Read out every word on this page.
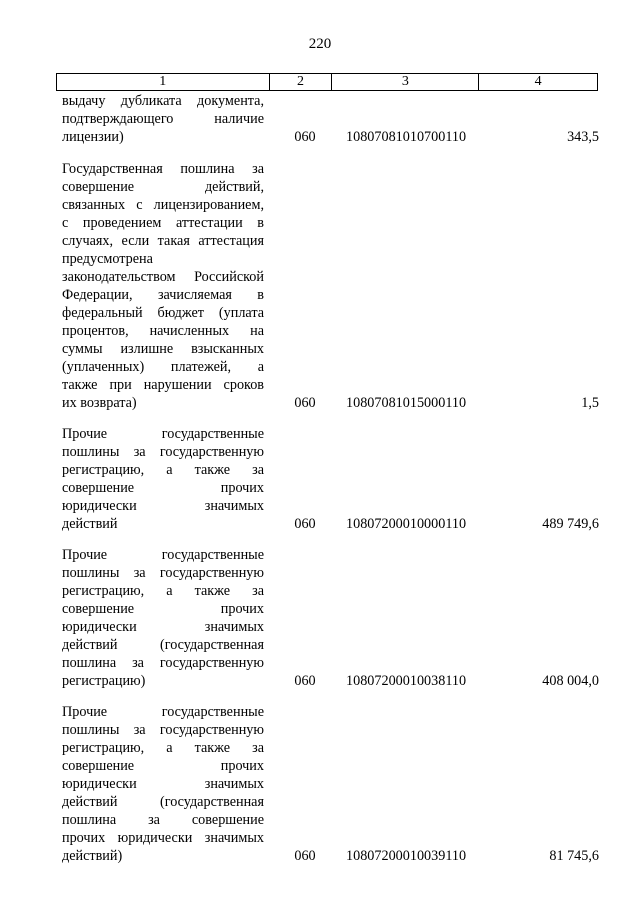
220
1	2	3	4
выдачу дубликата документа,
подтверждающего наличие
лицензии)	060	10807081010700110	343,5
Государственная пошлина за
совершение действий,
связанных с лицензированием,
с проведением аттестации в
случаях, если такая аттестация
предусмотрена
законодательством Российской
Федерации, зачисляемая в
федеральный бюджет (уплата
процентов, начисленных на
суммы излишне взысканных
(уплаченных) платежей, а
также при нарушении сроков
их возврата)	060	10807081015000110	1,5
Прочие государственные
пошлины за государственную
регистрацию, а также за
совершение прочих
юридически значимых
действий	060	10807200010000110	489 749,6
Прочие государственные
пошлины за государственную
регистрацию, а также за
совершение прочих
юридически значимых
действий (государственная
пошлина за государственную
регистрацию)	060	10807200010038110	408 004,0
Прочие государственные
пошлины за государственную
регистрацию, а также за
совершение прочих
юридически значимых
действий (государственная
пошлина за совершение
прочих юридически значимых
действий)	060	10807200010039110	81 745,6
